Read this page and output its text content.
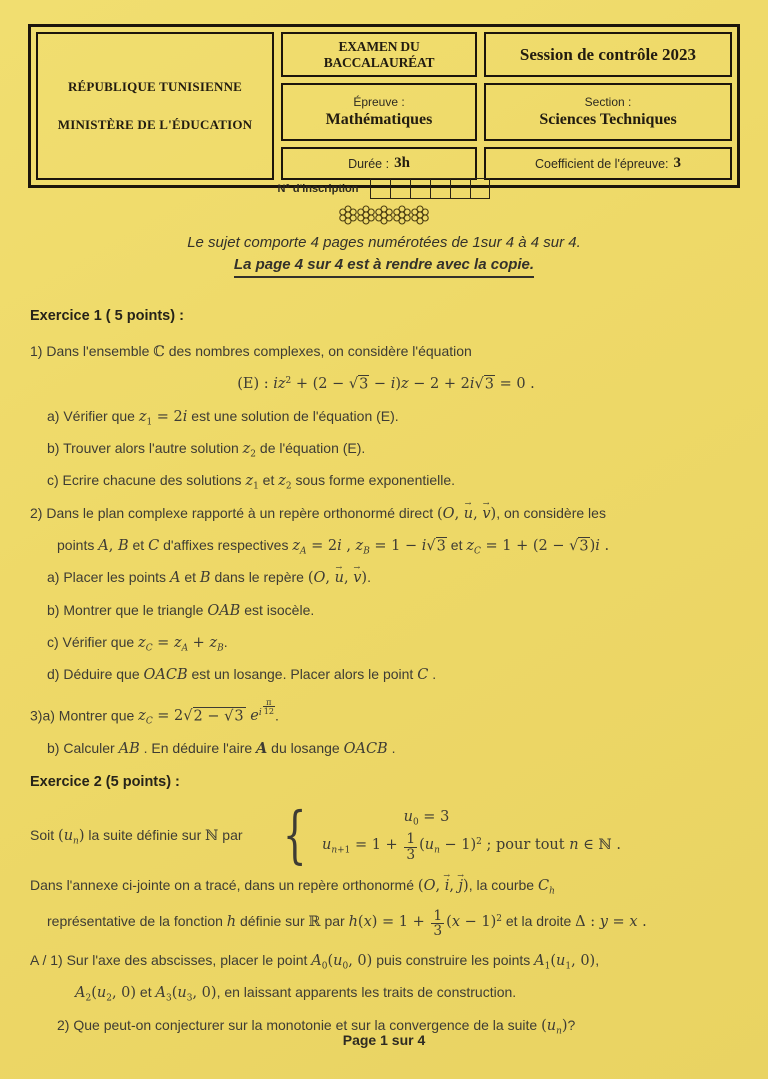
RÉPUBLIQUE TUNISIENNE
MINISTÈRE DE L'ÉDUCATION
EXAMEN DU BACCALAURÉAT	Session de contrôle 2023
Épreuve :
Mathématiques
Section :
Sciences Techniques
Durée : 3h	Coefficient de l'épreuve: 3
N° d'inscription
Le sujet comporte 4 pages numérotées de 1sur 4 à 4 sur 4.
La page 4 sur 4 est à rendre avec la copie.
Exercice 1 ( 5 points) :
1) Dans l'ensemble ℂ des nombres complexes, on considère l'équation
(E) : $iz^2 + (2 - √3 - i)z - 2 + 2i√3 = 0$ .
a) Vérifier que $z_1 = 2i$ est une solution de l'équation (E).
b) Trouver alors l'autre solution $z_2$ de l'équation (E).
c) Ecrire chacune des solutions $z_1$ et $z_2$ sous forme exponentielle.
2) Dans le plan complexe rapporté à un repère orthonormé direct (O, u →, v →), on considère les
points A, B et C d'affixes respectives $z_A = 2i$ , $z_B = 1 - i√3$ et $z_C = 1 + (2 - √3)i$ .
a) Placer les points A et B dans le repère (O, u →, v →).
b) Montrer que le triangle OAB est isocèle.
c) Vérifier que $z_C = z_A + z_B$.
d) Déduire que OACB est un losange. Placer alors le point C .
3)a) Montrer que $z_C = 2√2 - √3$ $e^{i \frac{\pi}{12}}$
.
b) Calculer AB . En déduire l'aire A du losange OACB .
Exercice 2 (5 points) :
Soit $(u_n)$ la suite définie sur ℕ par {	$u_0 = 3$
$u_{n+1} = 1 + \frac{1}{3} (u_n - 1)^2$ ; pour tout n ∈ ℕ .
Dans l'annexe ci-jointe on a tracé, dans un repère orthonormé (O, i →, j →), la courbe $C_h$
représentative de la fonction h définie sur ℝ par $h(x) = 1 + \frac{1}{3} (x - 1)^2$ et la droite Δ : y = x .
A / 1) Sur l'axe des abscisses, placer le point $A_0(u_0$, 0) puis construire les points $A_1(u_1$, 0),
$A_2(u_2$, 0) et $A_3(u_3$, 0), en laissant apparents les traits de construction.
2) Que peut-on conjecturer sur la monotonie et sur la convergence de la suite $(u_n)$?
Page 1 sur 4
